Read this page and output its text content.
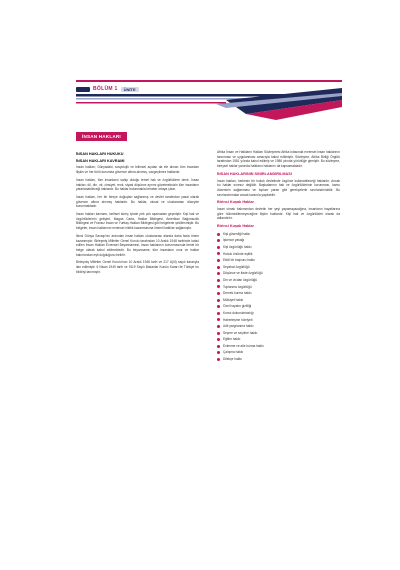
BÖLÜM 1	ÜNİTE
İNSAN HAKLARI
İNSAN HAKLARI HUKUKU
İNSAN HAKLARI KAVRAMI

İnsan hakları; Dünyadaki, sosyolojik ve bilimsel açıdan da ele alınan tüm insanları ilişkin ve her türlü durumda güvence altına alınmış, vazgeçilmez haklardır.

İnsan hakları, tüm insanların sahip olduğu temel hak ve özgürlüklere denir. İnsan hakları; dil, din, ırk, cinsiyet, renk, siyasi düşünce ayrımı gözetmeksizin tüm insanların yararlanabileceği haklardır. Bu haklar bulunmakla beraber ortaya çıkar.

İnsan hakları, her bir bireye doğuştan sağlanmış ve devlet tarafından yasal olarak güvence altına alınmış haklardır. Bu haklar, ulusal ve uluslararası düzeyde korunmaktadır.

İnsan hakları kavramı, tarihsel süreç içinde pek çok aşamadan geçmiştir. Kişi hak ve özgürlüklerinin gelişimi; Magna Carta, Haklar Bildirgesi, Amerikan Bağımsızlık Bildirgesi ve Fransız İnsan ve Yurttaş Hakları Bildirgesi gibi belgelerle şekillenmiştir. Bu belgeler, insan haklarının evrensel nitelik kazanmasına önemli katkılar sağlamıştır.

İkinci Dünya Savaşı'nın ardından insan hakları uluslararası alanda daha fazla önem kazanmıştır. Birleşmiş Milletler Genel Kurulu tarafından 10 Aralık 1948 tarihinde kabul edilen İnsan Hakları Evrensel Beyannamesi, insan haklarının korunmasında temel bir belge olarak kabul edilmektedir. Bu beyanname, tüm insanların onur ve haklar bakımından eşit doğduğunu belirtir.

Birleşmiş Milletler Genel Kurulu'nun 10 Aralık 1948 tarih ve 217 A(III) sayılı kararıyla ilan edilmiştir. 6 Nisan 1949 tarih ve 9119 Sayılı Bakanlar Kurulu Kararı ile Türkiye bu bildiriyi tanımıştır.

Afrika İnsan ve Halkların Hakları Sözleşmesi Afrika kıtasında evrensel insan haklarının tanınması ve uygulanması amacıyla kabul edilmiştir. Sözleşme, Afrika Birliği Örgütü tarafından 1981 yılında kabul edilmiş ve 1986 yılında yürürlüğe girmiştir. Bu sözleşme, bireysel haklar yanında halkların haklarını da kapsamaktadır.

İNSAN HAKLARININ SINIRLANDIRILMASI

İnsan hakları, herkesin bir hukuk devletinde özgürce kullanabileceği haklardır. Ancak bu haklar sınırsız değildir. Başkalarının hak ve özgürlüklerinin korunması, kamu düzeninin sağlanması ve toplum yararı gibi gerekçelerle sınırlandırılabilir. Bu sınırlandırmalar ancak kanunla yapılabilir.

Birinci Kuşak Haklar

İnsan olmak bakımından devletin her şeyi yapamayacağına, insanların hayatlarına göre hükmedilemeyeceğine ilişkin haklardır. Kişi hak ve özgürlükleri olarak da adlandırılır.

Birinci Kuşak Haklar
Kişi güvenliği hakkı
İşkence yasağı
Kişi özgürlüğü hakkı
Hukuk önünde eşitlik
Etkili bir başvuru hakkı
Seyahat özgürlüğü
Düşünce ve ifade özgürlüğü
Din ve vicdan özgürlüğü
Toplanma özgürlüğü
Dernek kurma hakkı
Mülkiyet hakkı
Özel hayatın gizliliği
Konut dokunulmazlığı
Haberleşme hürriyeti
Adil yargılanma hakkı
Seçme ve seçilme hakkı
Eğitim hakkı
Evlenme ve aile kurma hakkı
Çalışma hakkı
Dilekçe hakkı
